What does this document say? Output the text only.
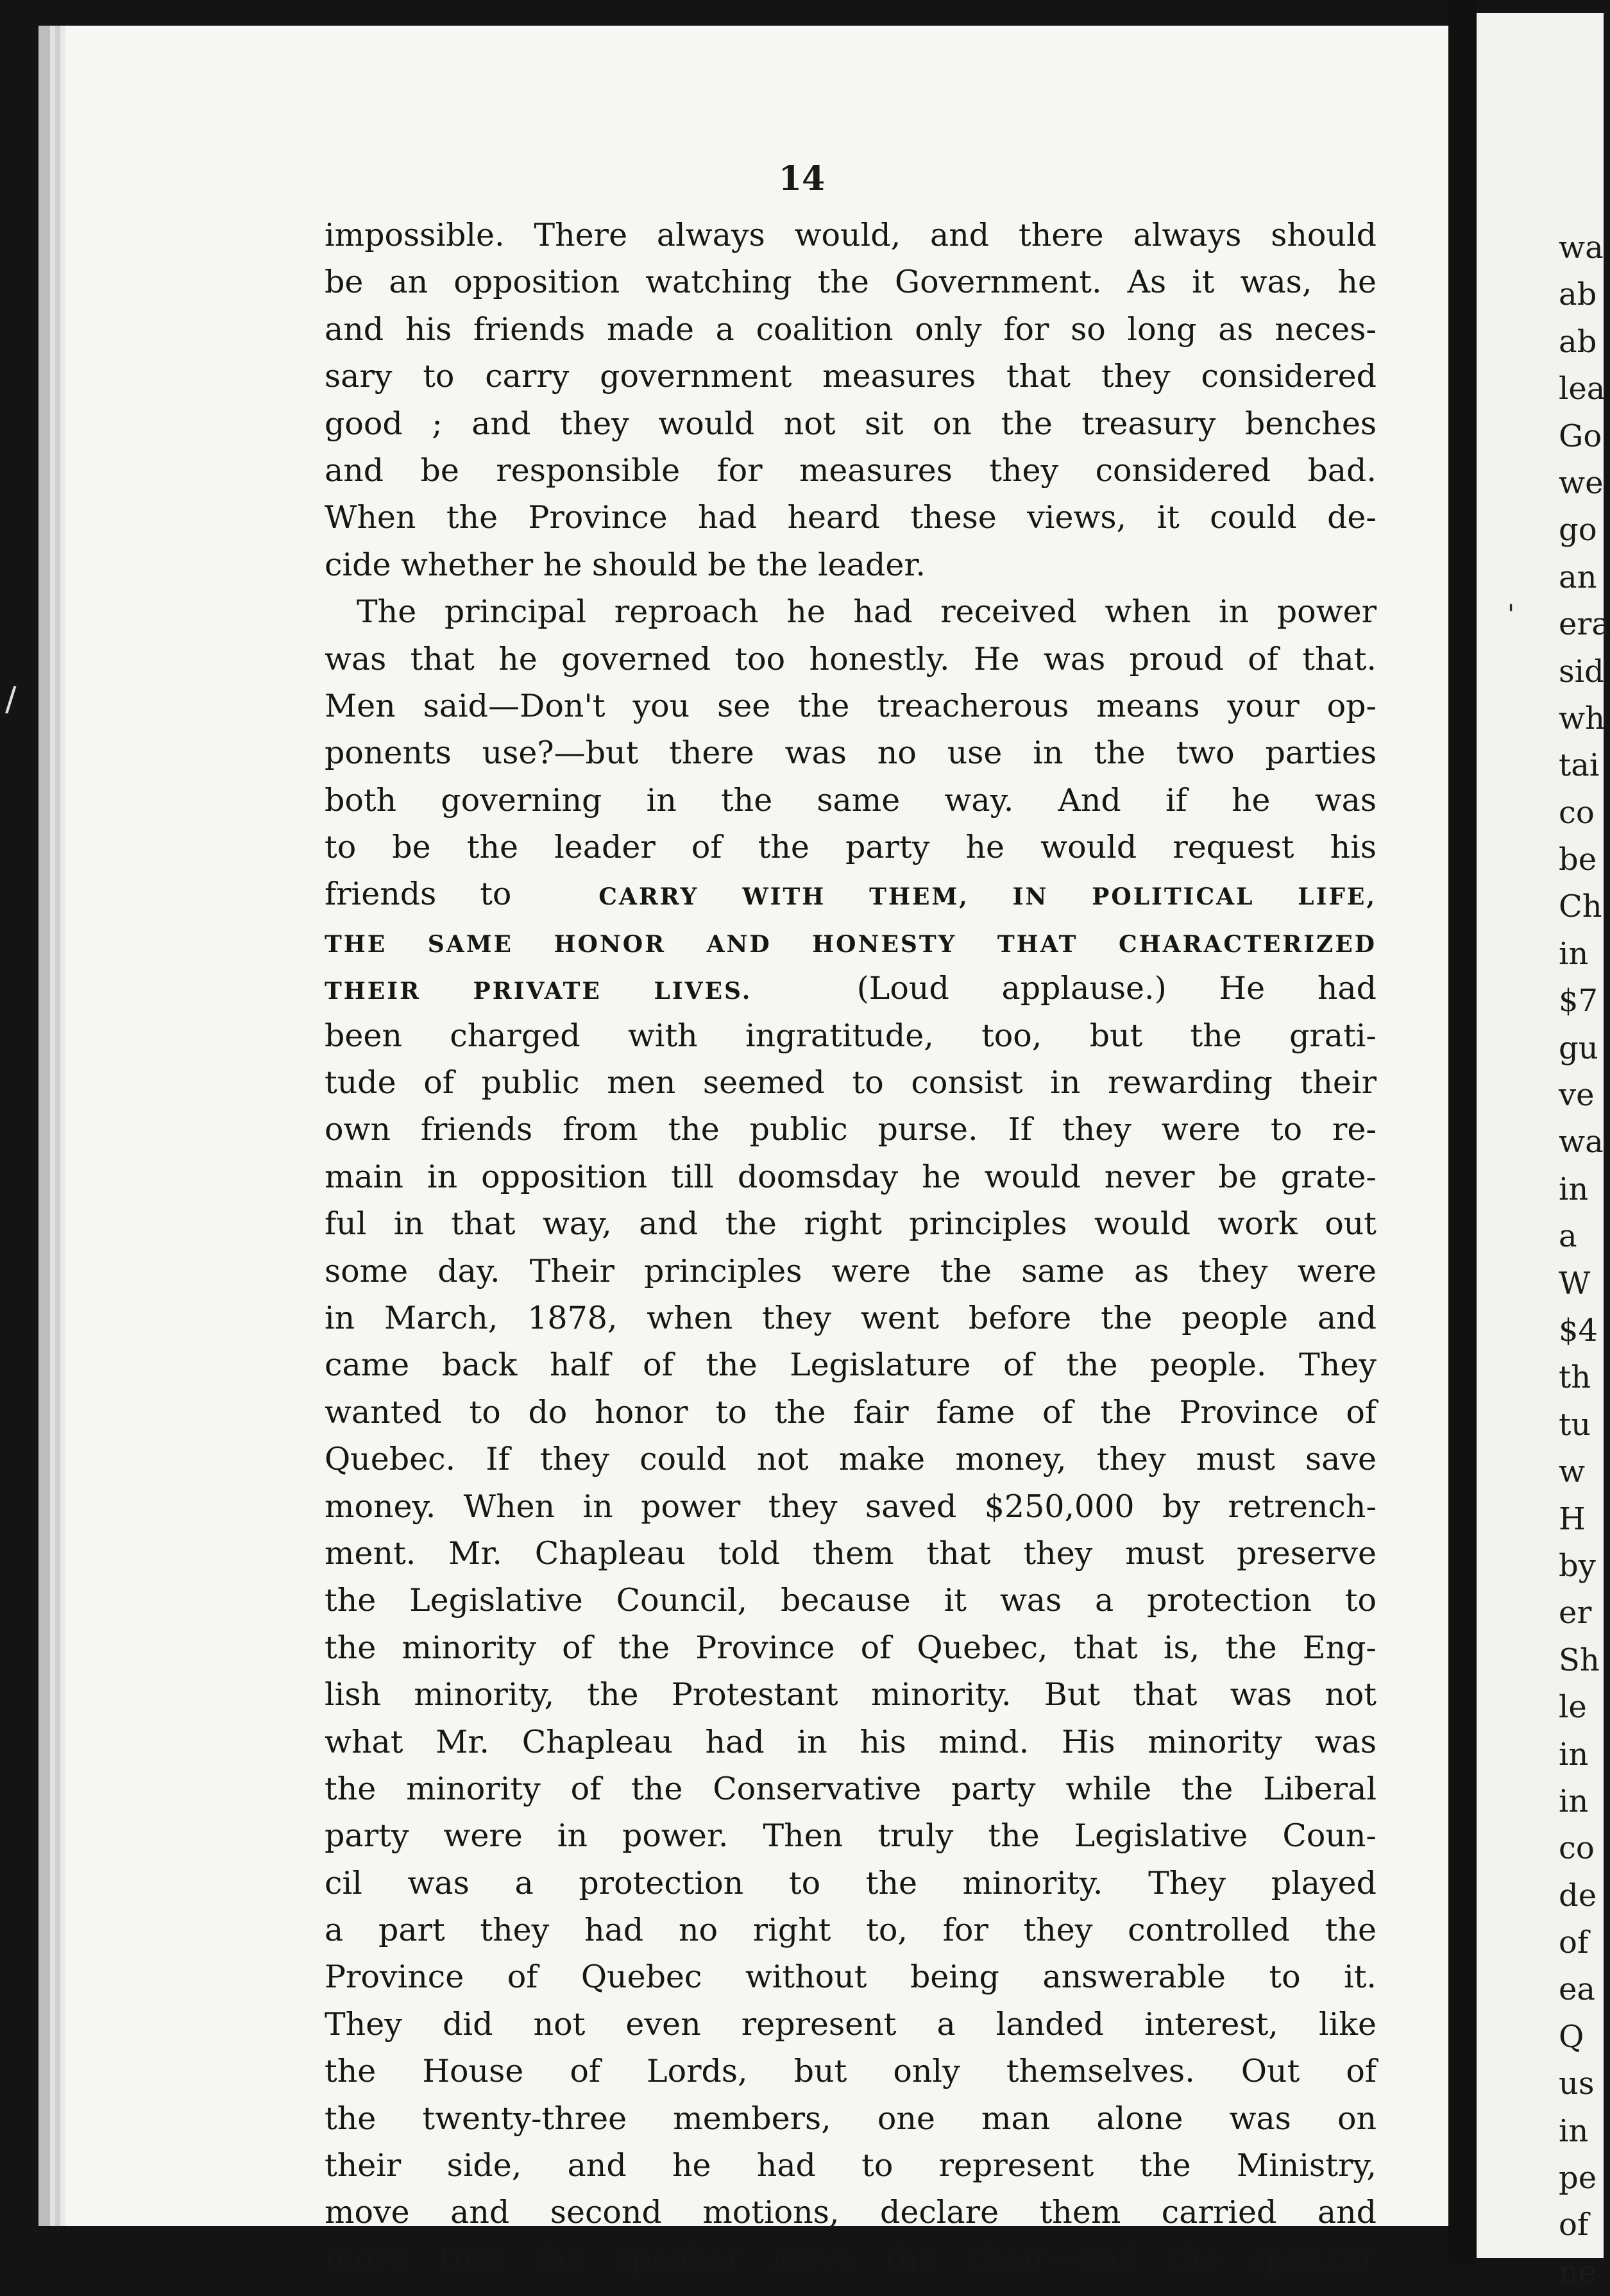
14
impossible. There always would, and there always should
be an opposition watching the Government. As it was, he
and his friends made a coalition only for so long as neces-
sary to carry government measures that they considered
good ; and they would not sit on the treasury benches
and be responsible for measures they considered bad.
When the Province had heard these views, it could de-
cide whether he should be the leader.
The principal reproach he had received when in power
was that he governed too honestly. He was proud of that.
Men said—Don't you see the treacherous means your op-
ponents use?—but there was no use in the two parties
both governing in the same way. And if he was
to be the leader of the party he would request his
friends to	CARRY WITH THEM, IN POLITICAL LIFE,
THE SAME HONOR AND HONESTY THAT CHARACTERIZED
THEIR PRIVATE LIVES.	(Loud applause.) He had
been charged with ingratitude, too, but the grati-
tude of public men seemed to consist in rewarding their
own friends from the public purse. If they were to re-
main in opposition till doomsday he would never be grate-
ful in that way, and the right principles would work out
some day. Their principles were the same as they were
in March, 1878, when they went before the people and
came back half of the Legislature of the people. They
wanted to do honor to the fair fame of the Province of
Quebec. If they could not make money, they must save
money. When in power they saved $250,000 by retrench-
ment. Mr. Chapleau told them that they must preserve
the Legislative Council, because it was a protection to
the minority of the Province of Quebec, that is, the Eng-
lish minority, the Protestant minority. But that was not
what Mr. Chapleau had in his mind. His minority was
the minority of the Conservative party while the Liberal
party were in power. Then truly the Legislative Coun-
cil was a protection to the minority. They played
a part they had no right to, for they controlled the
Province of Quebec without being answerable to it.
They did not even represent a landed interest, like
the House of Lords, but only themselves. Out of
the twenty-three members, one man alone was on
their side, and he had to represent the Ministry,
move and second motions, declare them carried and
move that the speaker leave the chair—and the speaker
wa
ab
ab
lea
Go
we
go
an
era
sid
wh
tai
co
be
Ch
in
$7
gu
ve
wa
in
a
W
$4
th
tu
w
H
by
er
Sh
le
in
in
co
de
of
ea
Q
us
in
pe
of
ne
/
'
